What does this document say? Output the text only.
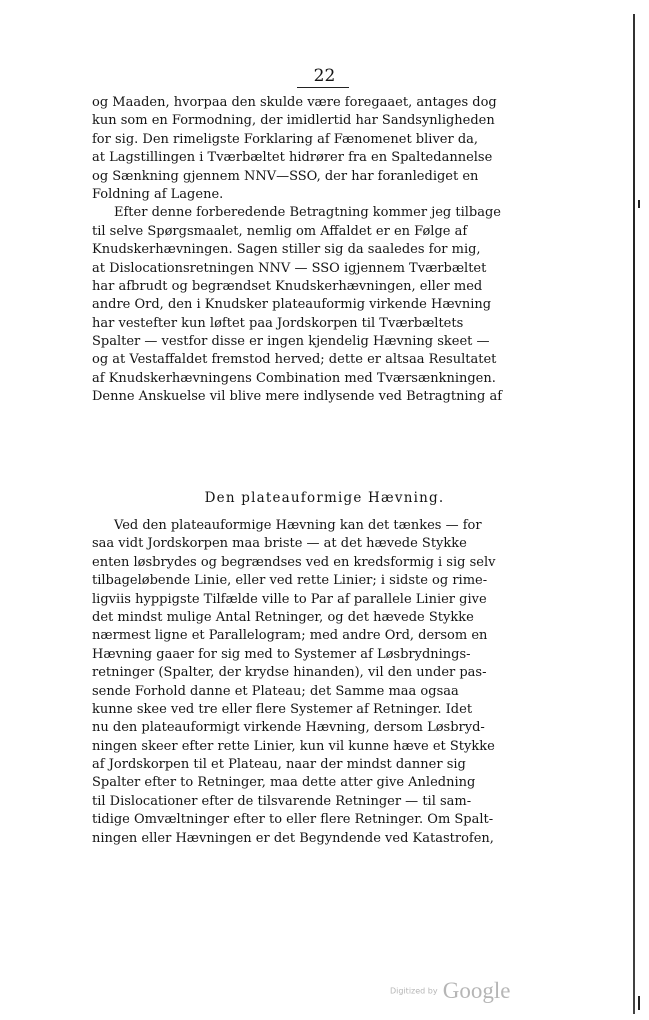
22
og Maaden, hvorpaa den skulde være foregaaet, antages dog
kun som en Formodning, der imidlertid har Sandsynligheden
for sig. Den rimeligste Forklaring af Fænomenet bliver da,
at Lagstillingen i Tværbæltet hidrører fra en Spaltedannelse
og Sænkning gjennem NNV—SSO, der har foranlediget en
Foldning af Lagene.
Efter denne forberedende Betragtning kommer jeg tilbage
til selve Spørgsmaalet, nemlig om Affaldet er en Følge af
Knudskerhævningen. Sagen stiller sig da saaledes for mig,
at Dislocationsretningen NNV — SSO igjennem Tværbæltet
har afbrudt og begrændset Knudskerhævningen, eller med
andre Ord, den i Knudsker plateauformig virkende Hævning
har vestefter kun løftet paa Jordskorpen til Tværbæltets
Spalter — vestfor disse er ingen kjendelig Hævning skeet —
og at Vestaffaldet fremstod herved; dette er altsaa Resultatet
af Knudskerhævningens Combination med Tværsænkningen.
Denne Anskuelse vil blive mere indlysende ved Betragtning af
Den plateauformige Hævning.
Ved den plateauformige Hævning kan det tænkes — for
saa vidt Jordskorpen maa briste — at det hævede Stykke
enten løsbrydes og begrændses ved en kredsformig i sig selv
tilbageløbende Linie, eller ved rette Linier; i sidste og rime-
ligviis hyppigste Tilfælde ville to Par af parallele Linier give
det mindst mulige Antal Retninger, og det hævede Stykke
nærmest ligne et Parallelogram; med andre Ord, dersom en
Hævning gaaer for sig med to Systemer af Løsbrydnings-
retninger (Spalter, der krydse hinanden), vil den under pas-
sende Forhold danne et Plateau; det Samme maa ogsaa
kunne skee ved tre eller flere Systemer af Retninger. Idet
nu den plateauformigt virkende Hævning, dersom Løsbryd-
ningen skeer efter rette Linier, kun vil kunne hæve et Stykke
af Jordskorpen til et Plateau, naar der mindst danner sig
Spalter efter to Retninger, maa dette atter give Anledning
til Dislocationer efter de tilsvarende Retninger — til sam-
tidige Omvæltninger efter to eller flere Retninger. Om Spalt-
ningen eller Hævningen er det Begyndende ved Katastrofen,
Digitized by Google
